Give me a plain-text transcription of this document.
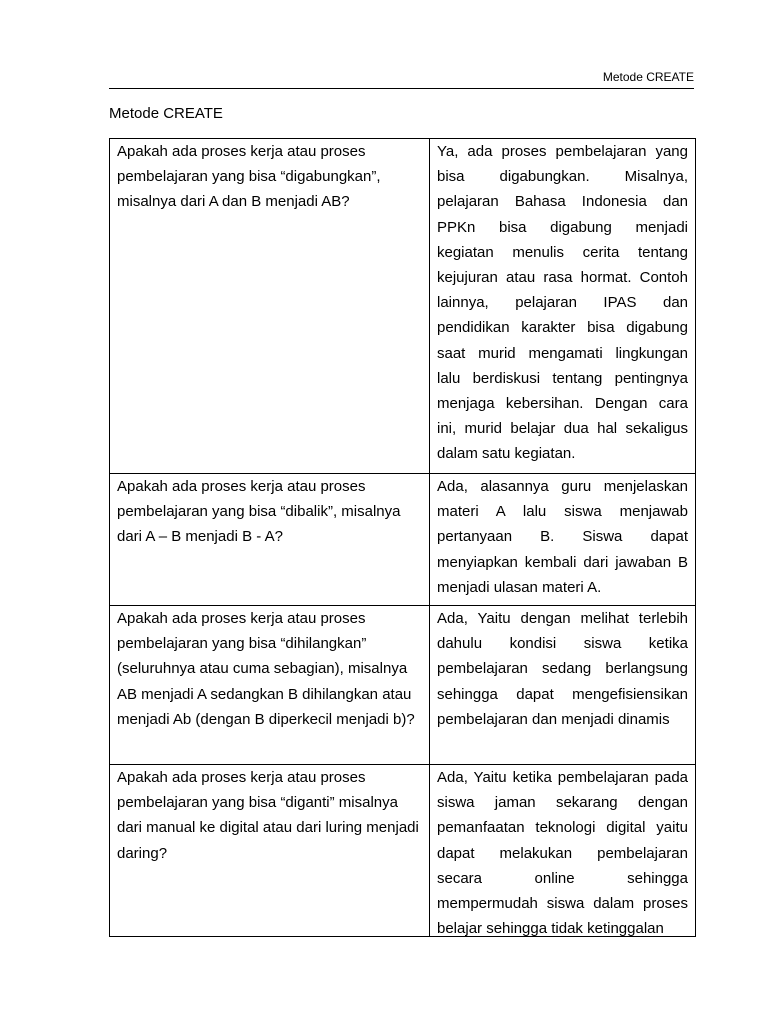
Metode CREATE
Metode CREATE
Apakah ada proses kerja atau proses pembelajaran yang bisa “digabungkan”, misalnya dari A dan B menjadi AB?	Ya, ada proses pembelajaran yang bisa digabungkan. Misalnya, pelajaran Bahasa Indonesia dan PPKn bisa digabung menjadi kegiatan menulis cerita tentang kejujuran atau rasa hormat. Contoh lainnya, pelajaran IPAS dan pendidikan karakter bisa digabung saat murid mengamati lingkungan lalu berdiskusi tentang pentingnya menjaga kebersihan. Dengan cara ini, murid belajar dua hal sekaligus dalam satu kegiatan.
Apakah ada proses kerja atau proses pembelajaran yang bisa “dibalik”, misalnya dari A – B menjadi B - A?	Ada, alasannya guru menjelaskan materi A lalu siswa menjawab pertanyaan B. Siswa dapat menyiapkan kembali dari jawaban B menjadi ulasan materi A.
Apakah ada proses kerja atau proses pembelajaran yang bisa “dihilangkan” (seluruhnya atau cuma sebagian), misalnya AB menjadi A sedangkan B dihilangkan atau menjadi Ab (dengan B diperkecil menjadi b)?	Ada, Yaitu dengan melihat terlebih dahulu kondisi siswa ketika pembelajaran sedang berlangsung sehingga dapat mengefisiensikan pembelajaran dan menjadi dinamis

Apakah ada proses kerja atau proses pembelajaran yang bisa “diganti” misalnya dari manual ke digital atau dari luring menjadi daring?	Ada, Yaitu ketika pembelajaran pada siswa jaman sekarang dengan pemanfaatan teknologi digital yaitu dapat melakukan pembelajaran secara online sehingga mempermudah siswa dalam proses belajar sehingga tidak ketinggalan
